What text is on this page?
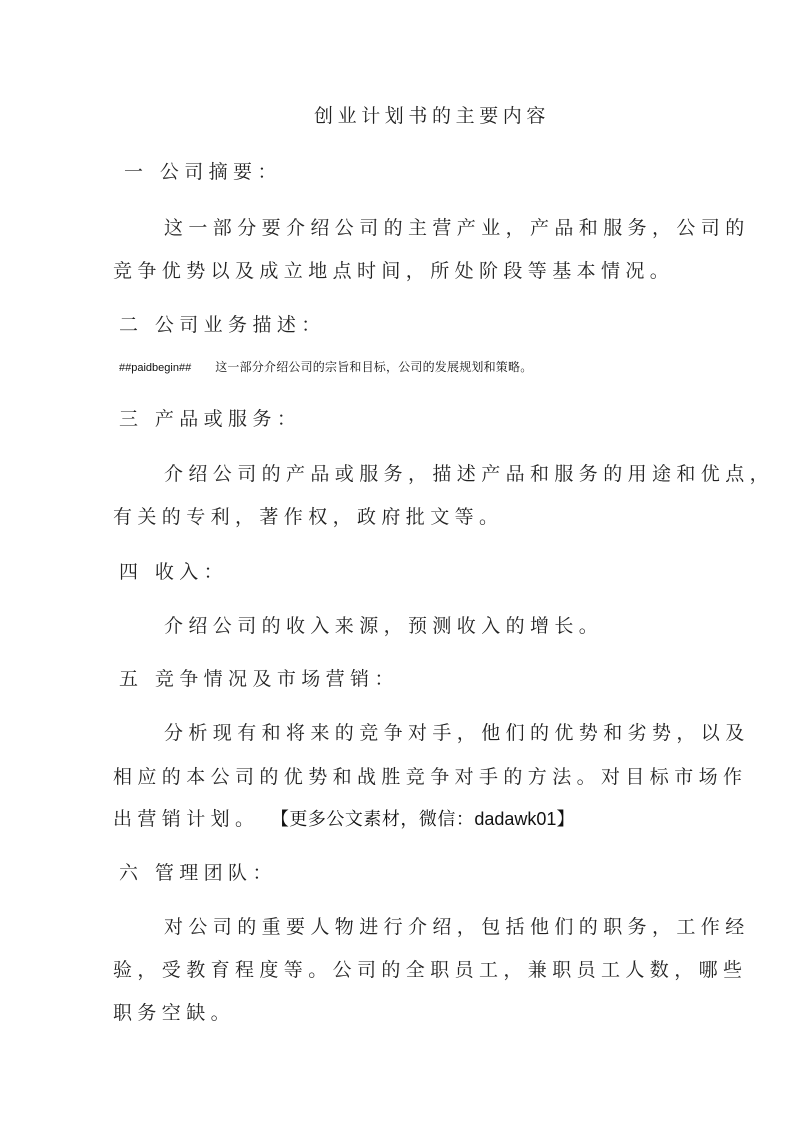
创业计划书的主要内容
一 公司摘要：
这一部分要介绍公司的主营产业，产品和服务，公司的
竞争优势以及成立地点时间，所处阶段等基本情况。
二 公司业务描述：
##paidbegin## 这一部分介绍公司的宗旨和目标，公司的发展规划和策略。
三 产品或服务：
介绍公司的产品或服务，描述产品和服务的用途和优点，
有关的专利，著作权，政府批文等。
四 收入：
介绍公司的收入来源，预测收入的增长。
五 竞争情况及市场营销：
分析现有和将来的竞争对手，他们的优势和劣势，以及
相应的本公司的优势和战胜竞争对手的方法。对目标市场作
出营销计划。 【更多公文素材，微信：dadawk01】
六 管理团队：
对公司的重要人物进行介绍，包括他们的职务，工作经
验，受教育程度等。公司的全职员工，兼职员工人数，哪些
职务空缺。
